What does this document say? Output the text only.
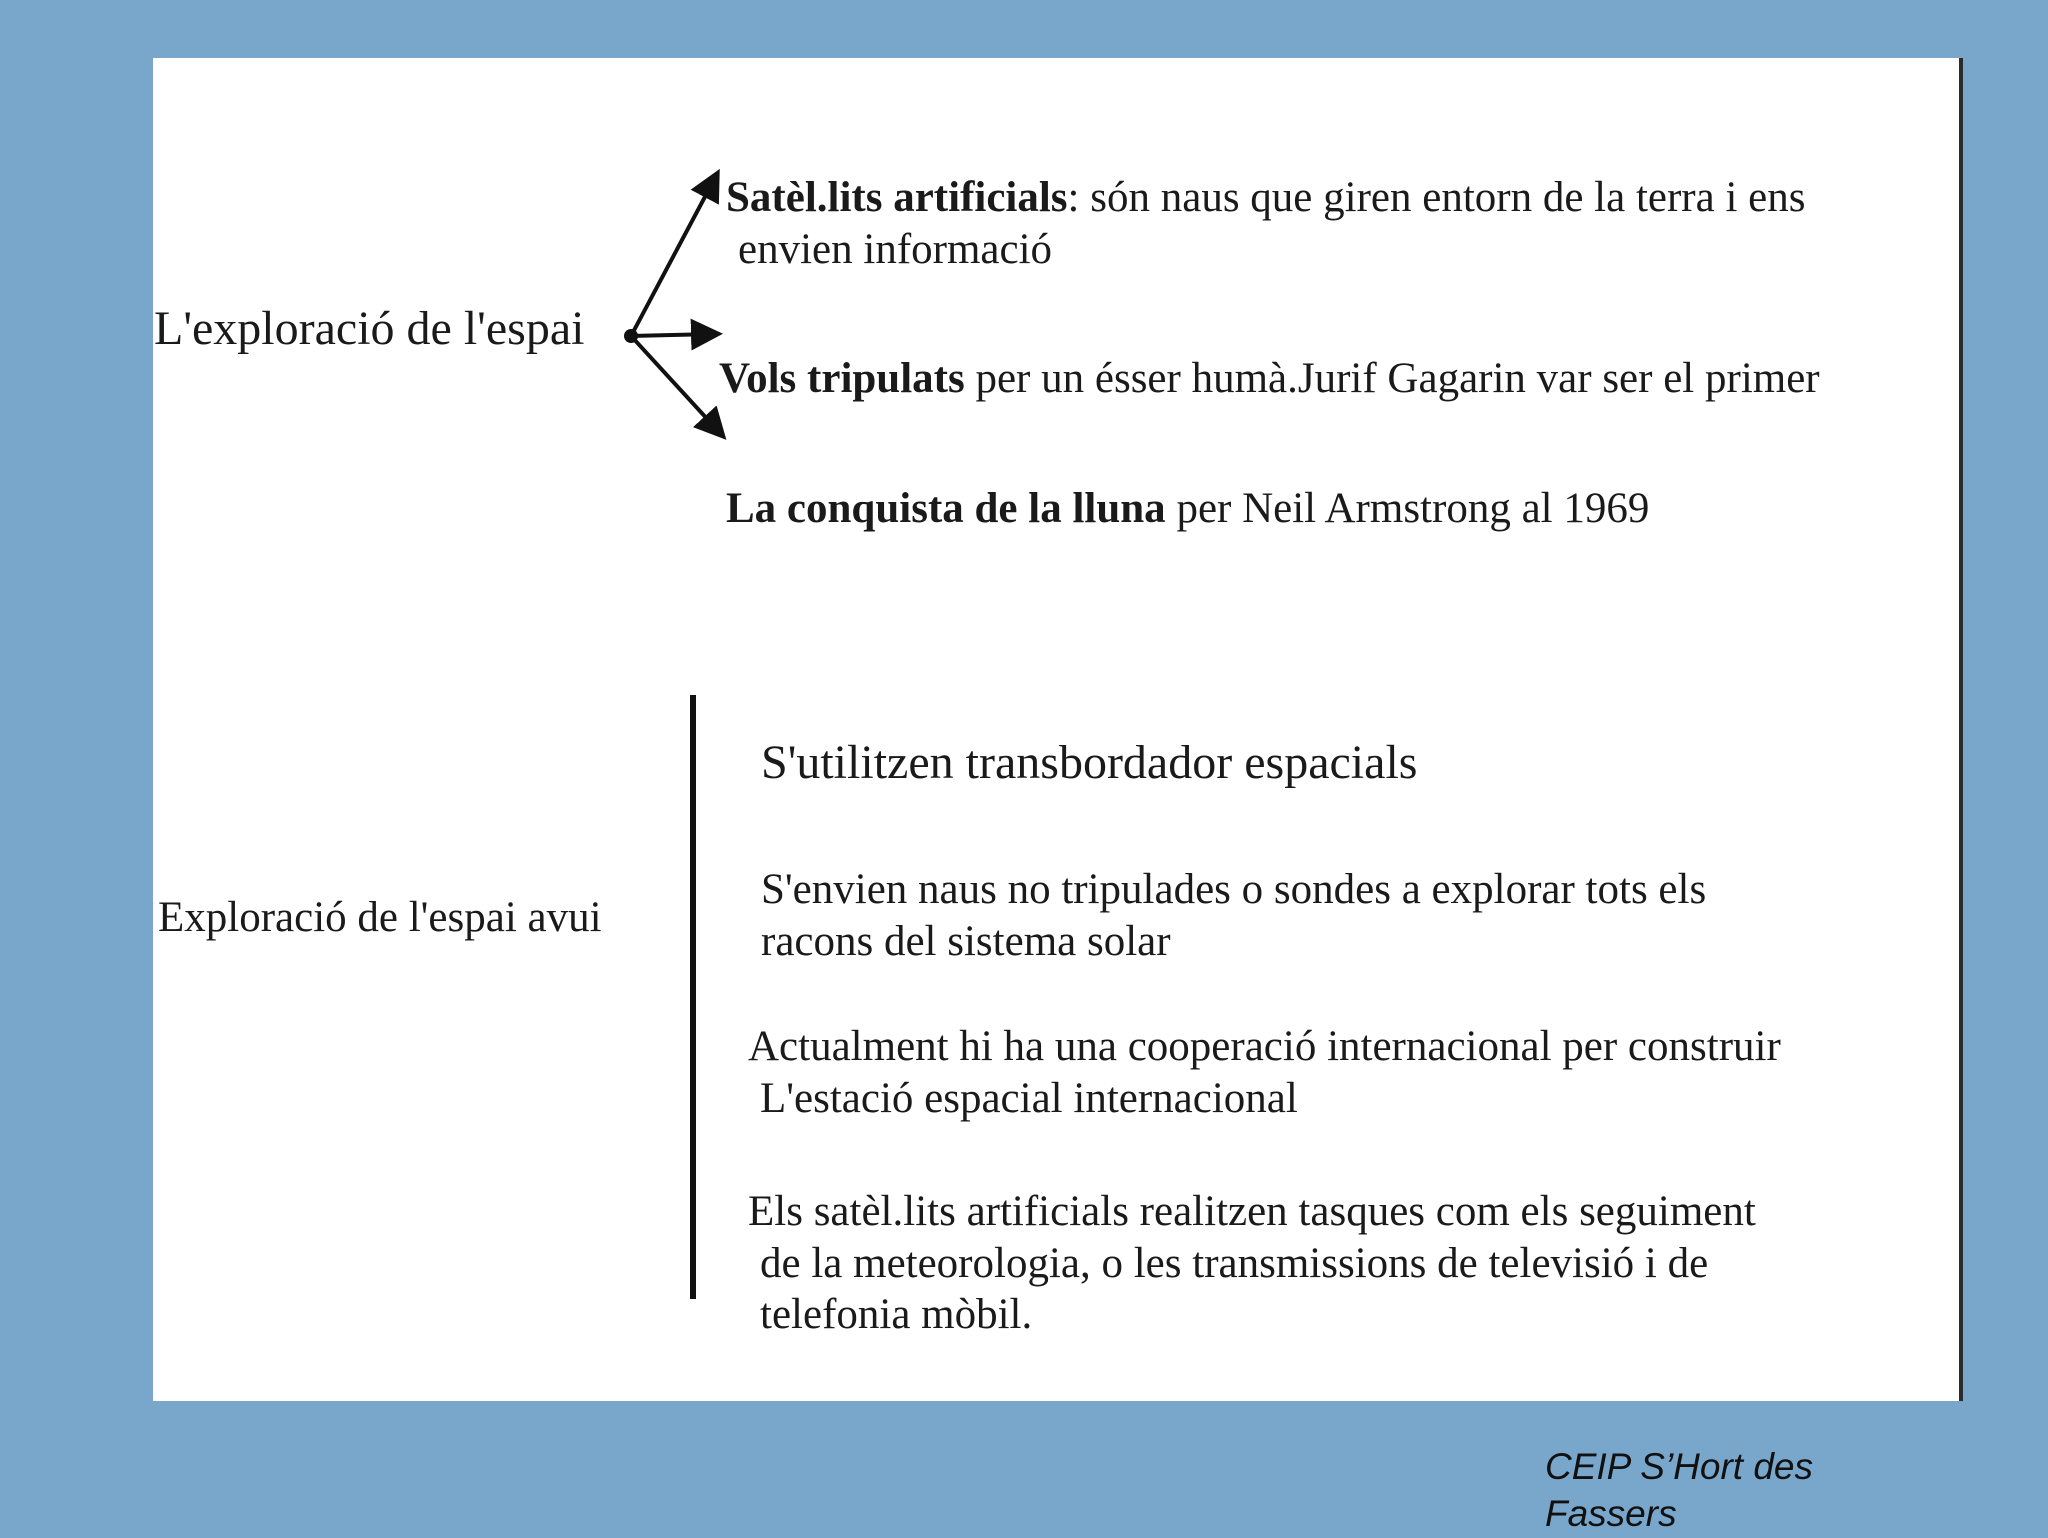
L'exploració de l'espai
Satèl.lits artificials: són naus que giren entorn de la terra i ens
envien informació
Vols tripulats per un ésser humà.Jurif Gagarin var ser el primer
La conquista de la lluna per Neil Armstrong al 1969
Exploració de l'espai avui
S'utilitzen transbordador espacials
S'envien naus no tripulades o sondes a explorar tots els
racons del sistema solar
Actualment hi ha una cooperació internacional per construir
L'estació espacial internacional
Els satèl.lits artificials realitzen tasques com els seguiment
de la meteorologia, o les transmissions de televisió i de
telefonia mòbil.
CEIP S’Hort des
Fassers
